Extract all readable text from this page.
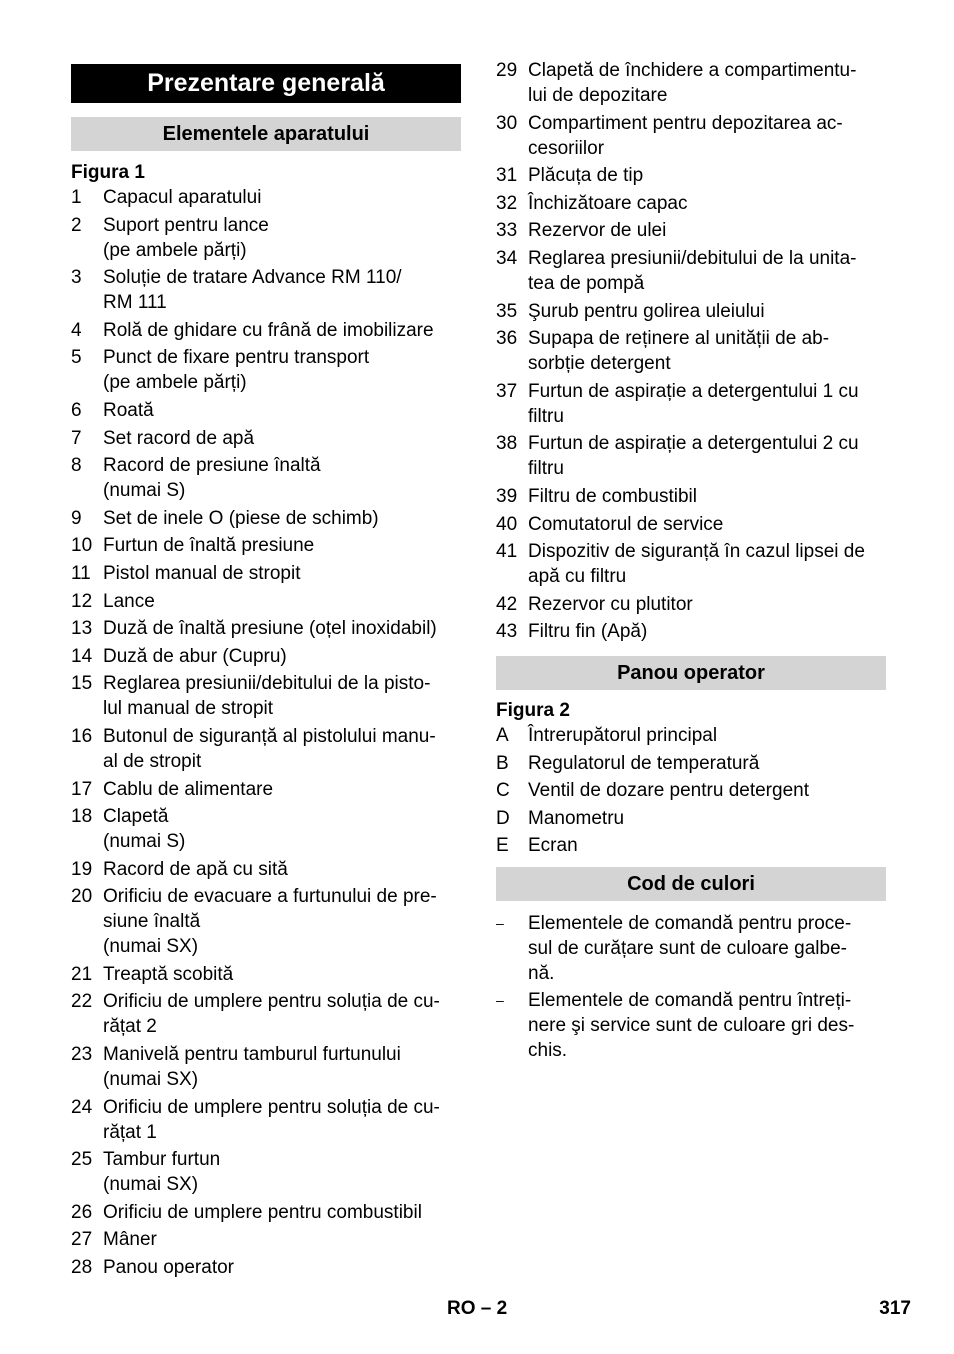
Prezentare generală
Elementele aparatului
Figura 1
1	Capacul aparatului
2	Suport pentru lance
(pe ambele părți)
3	Soluție de tratare Advance RM 110/
RM 111
4	Rolă de ghidare cu frână de imobilizare
5	Punct de fixare pentru transport
(pe ambele părți)
6	Roată
7	Set racord de apă
8	Racord de presiune înaltă
(numai S)
9	Set de inele O (piese de schimb)
10 Furtun de înaltă presiune
11 Pistol manual de stropit
12 Lance
13 Duză de înaltă presiune (oțel inoxidabil)
14 Duză de abur (Cupru)
15 Reglarea presiunii/debitului de la pisto-
lul manual de stropit
16 Butonul de siguranță al pistolului manu-
al de stropit
17 Cablu de alimentare
18 Clapetă
(numai S)
19 Racord de apă cu sită
20 Orificiu de evacuare a furtunului de pre-
siune înaltă
(numai SX)
21 Treaptă scobită
22 Orificiu de umplere pentru soluția de cu-
rățat 2
23 Manivelă pentru tamburul furtunului
(numai SX)
24 Orificiu de umplere pentru soluția de cu-
rățat 1
25 Tambur furtun
(numai SX)
26 Orificiu de umplere pentru combustibil
27 Mâner
28 Panou operator
29 Clapetă de închidere a compartimentu-
lui de depozitare
30 Compartiment pentru depozitarea ac-
cesoriilor
31 Plăcuța de tip
32 Închizătoare capac
33 Rezervor de ulei
34 Reglarea presiunii/debitului de la unita-
tea de pompă
35 Şurub pentru golirea uleiului
36 Supapa de reținere al unității de ab-
sorbție detergent
37 Furtun de aspirație a detergentului 1 cu
filtru
38 Furtun de aspirație a detergentului 2 cu
filtru
39 Filtru de combustibil
40 Comutatorul de service
41 Dispozitiv de siguranță în cazul lipsei de
apă cu filtru
42 Rezervor cu plutitor
43 Filtru fin (Apă)
Panou operator
Figura 2
A	Întrerupătorul principal
B	Regulatorul de temperatură
C Ventil de dozare pentru detergent
D Manometru
E	Ecran
Cod de culori
–	Elementele de comandă pentru proce-
sul de curățare sunt de culoare galbe-
nă.
–	Elementele de comandă pentru întreți-
nere şi service sunt de culoare gri des-
chis.
RO – 2	317
